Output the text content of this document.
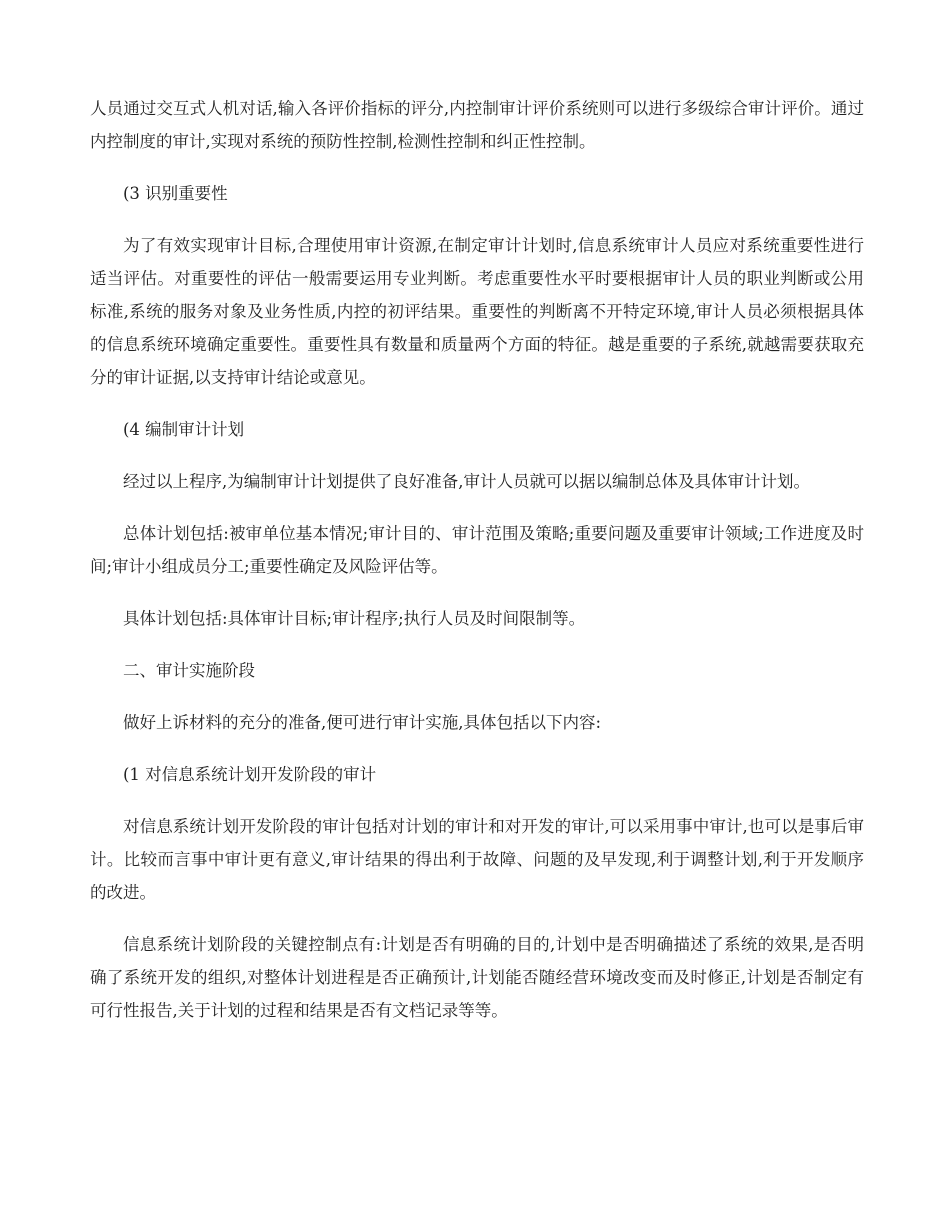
人员通过交互式人机对话,输入各评价指标的评分,内控制审计评价系统则可以进行多级综合审计评价。通过内控制度的审计,实现对系统的预防性控制,检测性控制和纠正性控制。

(3 识别重要性

为了有效实现审计目标,合理使用审计资源,在制定审计计划时,信息系统审计人员应对系统重要性进行适当评估。对重要性的评估一般需要运用专业判断。考虑重要性水平时要根据审计人员的职业判断或公用标准,系统的服务对象及业务性质,内控的初评结果。重要性的判断离不开特定环境,审计人员必须根据具体的信息系统环境确定重要性。重要性具有数量和质量两个方面的特征。越是重要的子系统,就越需要获取充分的审计证据,以支持审计结论或意见。

(4 编制审计计划

经过以上程序,为编制审计计划提供了良好准备,审计人员就可以据以编制总体及具体审计计划。

总体计划包括:被审单位基本情况;审计目的、审计范围及策略;重要问题及重要审计领域;工作进度及时间;审计小组成员分工;重要性确定及风险评估等。

具体计划包括:具体审计目标;审计程序;执行人员及时间限制等。

二、审计实施阶段

做好上诉材料的充分的准备,便可进行审计实施,具体包括以下内容:

(1 对信息系统计划开发阶段的审计

对信息系统计划开发阶段的审计包括对计划的审计和对开发的审计,可以采用事中审计,也可以是事后审计。比较而言事中审计更有意义,审计结果的得出利于故障、问题的及早发现,利于调整计划,利于开发顺序的改进。

信息系统计划阶段的关键控制点有:计划是否有明确的目的,计划中是否明确描述了系统的效果,是否明确了系统开发的组织,对整体计划进程是否正确预计,计划能否随经营环境改变而及时修正,计划是否制定有可行性报告,关于计划的过程和结果是否有文档记录等等。
